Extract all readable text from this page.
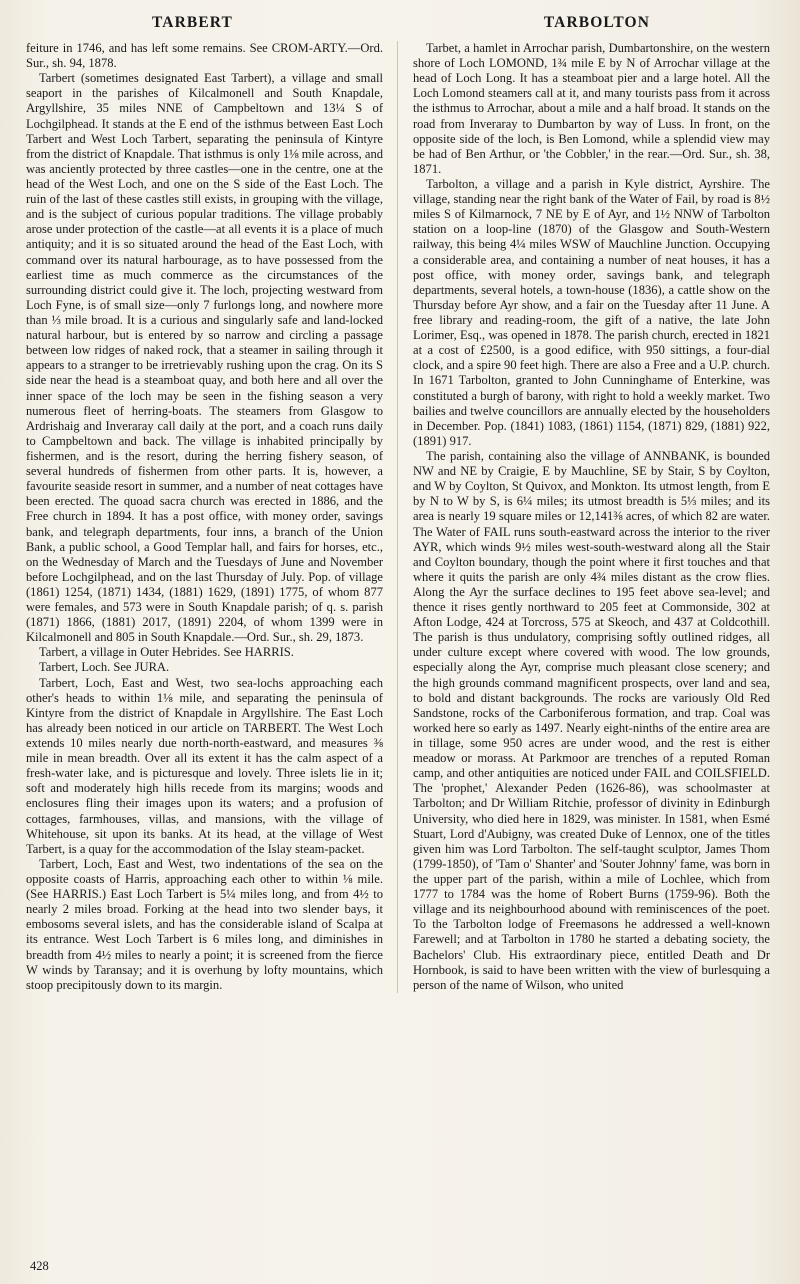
TARBERT	TARBOLTON

feiture in 1746, and has left some remains. See CROM-ARTY.—Ord. Sur., sh. 94, 1878.

Tarbert (sometimes designated East Tarbert), a village and small seaport in the parishes of Kilcalmonell and South Knapdale, Argyllshire, 35 miles NNE of Campbeltown and 13¼ S of Lochgilphead. It stands at the E end of the isthmus between East Loch Tarbert and West Loch Tarbert, separating the peninsula of Kintyre from the district of Knapdale. That isthmus is only 1⅛ mile across, and was anciently protected by three castles—one in the centre, one at the head of the West Loch, and one on the S side of the East Loch. The ruin of the last of these castles still exists, in grouping with the village, and is the subject of curious popular traditions. The village probably arose under protection of the castle—at all events it is a place of much antiquity; and it is so situated around the head of the East Loch, with command over its natural harbourage, as to have possessed from the earliest time as much commerce as the circumstances of the surrounding district could give it. The loch, projecting westward from Loch Fyne, is of small size—only 7 furlongs long, and nowhere more than ⅓ mile broad. It is a curious and singularly safe and land-locked natural harbour, but is entered by so narrow and circling a passage between low ridges of naked rock, that a steamer in sailing through it appears to a stranger to be irretrievably rushing upon the crag. On its S side near the head is a steamboat quay, and both here and all over the inner space of the loch may be seen in the fishing season a very numerous fleet of herring-boats. The steamers from Glasgow to Ardrishaig and Inveraray call daily at the port, and a coach runs daily to Campbeltown and back. The village is inhabited principally by fishermen, and is the resort, during the herring fishery season, of several hundreds of fishermen from other parts. It is, however, a favourite seaside resort in summer, and a number of neat cottages have been erected. The quoad sacra church was erected in 1886, and the Free church in 1894. It has a post office, with money order, savings bank, and telegraph departments, four inns, a branch of the Union Bank, a public school, a Good Templar hall, and fairs for horses, etc., on the Wednesday of March and the Tuesdays of June and November before Lochgilphead, and on the last Thursday of July. Pop. of village (1861) 1254, (1871) 1434, (1881) 1629, (1891) 1775, of whom 877 were females, and 573 were in South Knapdale parish; of q. s. parish (1871) 1866, (1881) 2017, (1891) 2204, of whom 1399 were in Kilcalmonell and 805 in South Knapdale.—Ord. Sur., sh. 29, 1873.

Tarbert, a village in Outer Hebrides. See HARRIS.

Tarbert, Loch. See JURA.

Tarbert, Loch, East and West, two sea-lochs approaching each other's heads to within 1⅛ mile, and separating the peninsula of Kintyre from the district of Knapdale in Argyllshire. The East Loch has already been noticed in our article on TARBERT. The West Loch extends 10 miles nearly due north-north-eastward, and measures ⅜ mile in mean breadth. Over all its extent it has the calm aspect of a fresh-water lake, and is picturesque and lovely. Three islets lie in it; soft and moderately high hills recede from its margins; woods and enclosures fling their images upon its waters; and a profusion of cottages, farmhouses, villas, and mansions, with the village of Whitehouse, sit upon its banks. At its head, at the village of West Tarbert, is a quay for the accommodation of the Islay steam-packet.

Tarbert, Loch, East and West, two indentations of the sea on the opposite coasts of Harris, approaching each other to within ⅛ mile. (See HARRIS.) East Loch Tarbert is 5¼ miles long, and from 4½ to nearly 2 miles broad. Forking at the head into two slender bays, it embosoms several islets, and has the considerable island of Scalpa at its entrance. West Loch Tarbert is 6 miles long, and diminishes in breadth from 4½ miles to nearly a point; it is screened from the fierce W winds by Taransay; and it is overhung by lofty mountains, which stoop precipitously down to its margin.

Tarbet, a hamlet in Arrochar parish, Dumbartonshire, on the western shore of Loch LOMOND, 1¾ mile E by N of Arrochar village at the head of Loch Long. It has a steamboat pier and a large hotel. All the Loch Lomond steamers call at it, and many tourists pass from it across the isthmus to Arrochar, about a mile and a half broad. It stands on the road from Inveraray to Dumbarton by way of Luss. In front, on the opposite side of the loch, is Ben Lomond, while a splendid view may be had of Ben Arthur, or 'the Cobbler,' in the rear.—Ord. Sur., sh. 38, 1871.

Tarbolton, a village and a parish in Kyle district, Ayrshire. The village, standing near the right bank of the Water of Fail, by road is 8½ miles S of Kilmarnock, 7 NE by E of Ayr, and 1½ NNW of Tarbolton station on a loop-line (1870) of the Glasgow and South-Western railway, this being 4¼ miles WSW of Mauchline Junction. Occupying a considerable area, and containing a number of neat houses, it has a post office, with money order, savings bank, and telegraph departments, several hotels, a town-house (1836), a cattle show on the Thursday before Ayr show, and a fair on the Tuesday after 11 June. A free library and reading-room, the gift of a native, the late John Lorimer, Esq., was opened in 1878. The parish church, erected in 1821 at a cost of £2500, is a good edifice, with 950 sittings, a four-dial clock, and a spire 90 feet high. There are also a Free and a U.P. church. In 1671 Tarbolton, granted to John Cunninghame of Enterkine, was constituted a burgh of barony, with right to hold a weekly market. Two bailies and twelve councillors are annually elected by the householders in December. Pop. (1841) 1083, (1861) 1154, (1871) 829, (1881) 922, (1891) 917.

The parish, containing also the village of ANNBANK, is bounded NW and NE by Craigie, E by Mauchline, SE by Stair, S by Coylton, and W by Coylton, St Quivox, and Monkton. Its utmost length, from E by N to W by S, is 6¼ miles; its utmost breadth is 5⅓ miles; and its area is nearly 19 square miles or 12,141⅜ acres, of which 82 are water. The Water of FAIL runs south-eastward across the interior to the river AYR, which winds 9½ miles west-south-westward along all the Stair and Coylton boundary, though the point where it first touches and that where it quits the parish are only 4¾ miles distant as the crow flies. Along the Ayr the surface declines to 195 feet above sea-level; and thence it rises gently northward to 205 feet at Commonside, 302 at Afton Lodge, 424 at Torcross, 575 at Skeoch, and 437 at Coldcothill. The parish is thus undulatory, comprising softly outlined ridges, all under culture except where covered with wood. The low grounds, especially along the Ayr, comprise much pleasant close scenery; and the high grounds command magnificent prospects, over land and sea, to bold and distant backgrounds. The rocks are variously Old Red Sandstone, rocks of the Carboniferous formation, and trap. Coal was worked here so early as 1497. Nearly eight-ninths of the entire area are in tillage, some 950 acres are under wood, and the rest is either meadow or morass. At Parkmoor are trenches of a reputed Roman camp, and other antiquities are noticed under FAIL and COILSFIELD. The 'prophet,' Alexander Peden (1626-86), was schoolmaster at Tarbolton; and Dr William Ritchie, professor of divinity in Edinburgh University, who died here in 1829, was minister. In 1581, when Esmé Stuart, Lord d'Aubigny, was created Duke of Lennox, one of the titles given him was Lord Tarbolton. The self-taught sculptor, James Thom (1799-1850), of 'Tam o' Shanter' and 'Souter Johnny' fame, was born in the upper part of the parish, within a mile of Lochlee, which from 1777 to 1784 was the home of Robert Burns (1759-96). Both the village and its neighbourhood abound with reminiscences of the poet. To the Tarbolton lodge of Freemasons he addressed a well-known Farewell; and at Tarbolton in 1780 he started a debating society, the Bachelors' Club. His extraordinary piece, entitled Death and Dr Hornbook, is said to have been written with the view of burlesquing a person of the name of Wilson, who united

428
